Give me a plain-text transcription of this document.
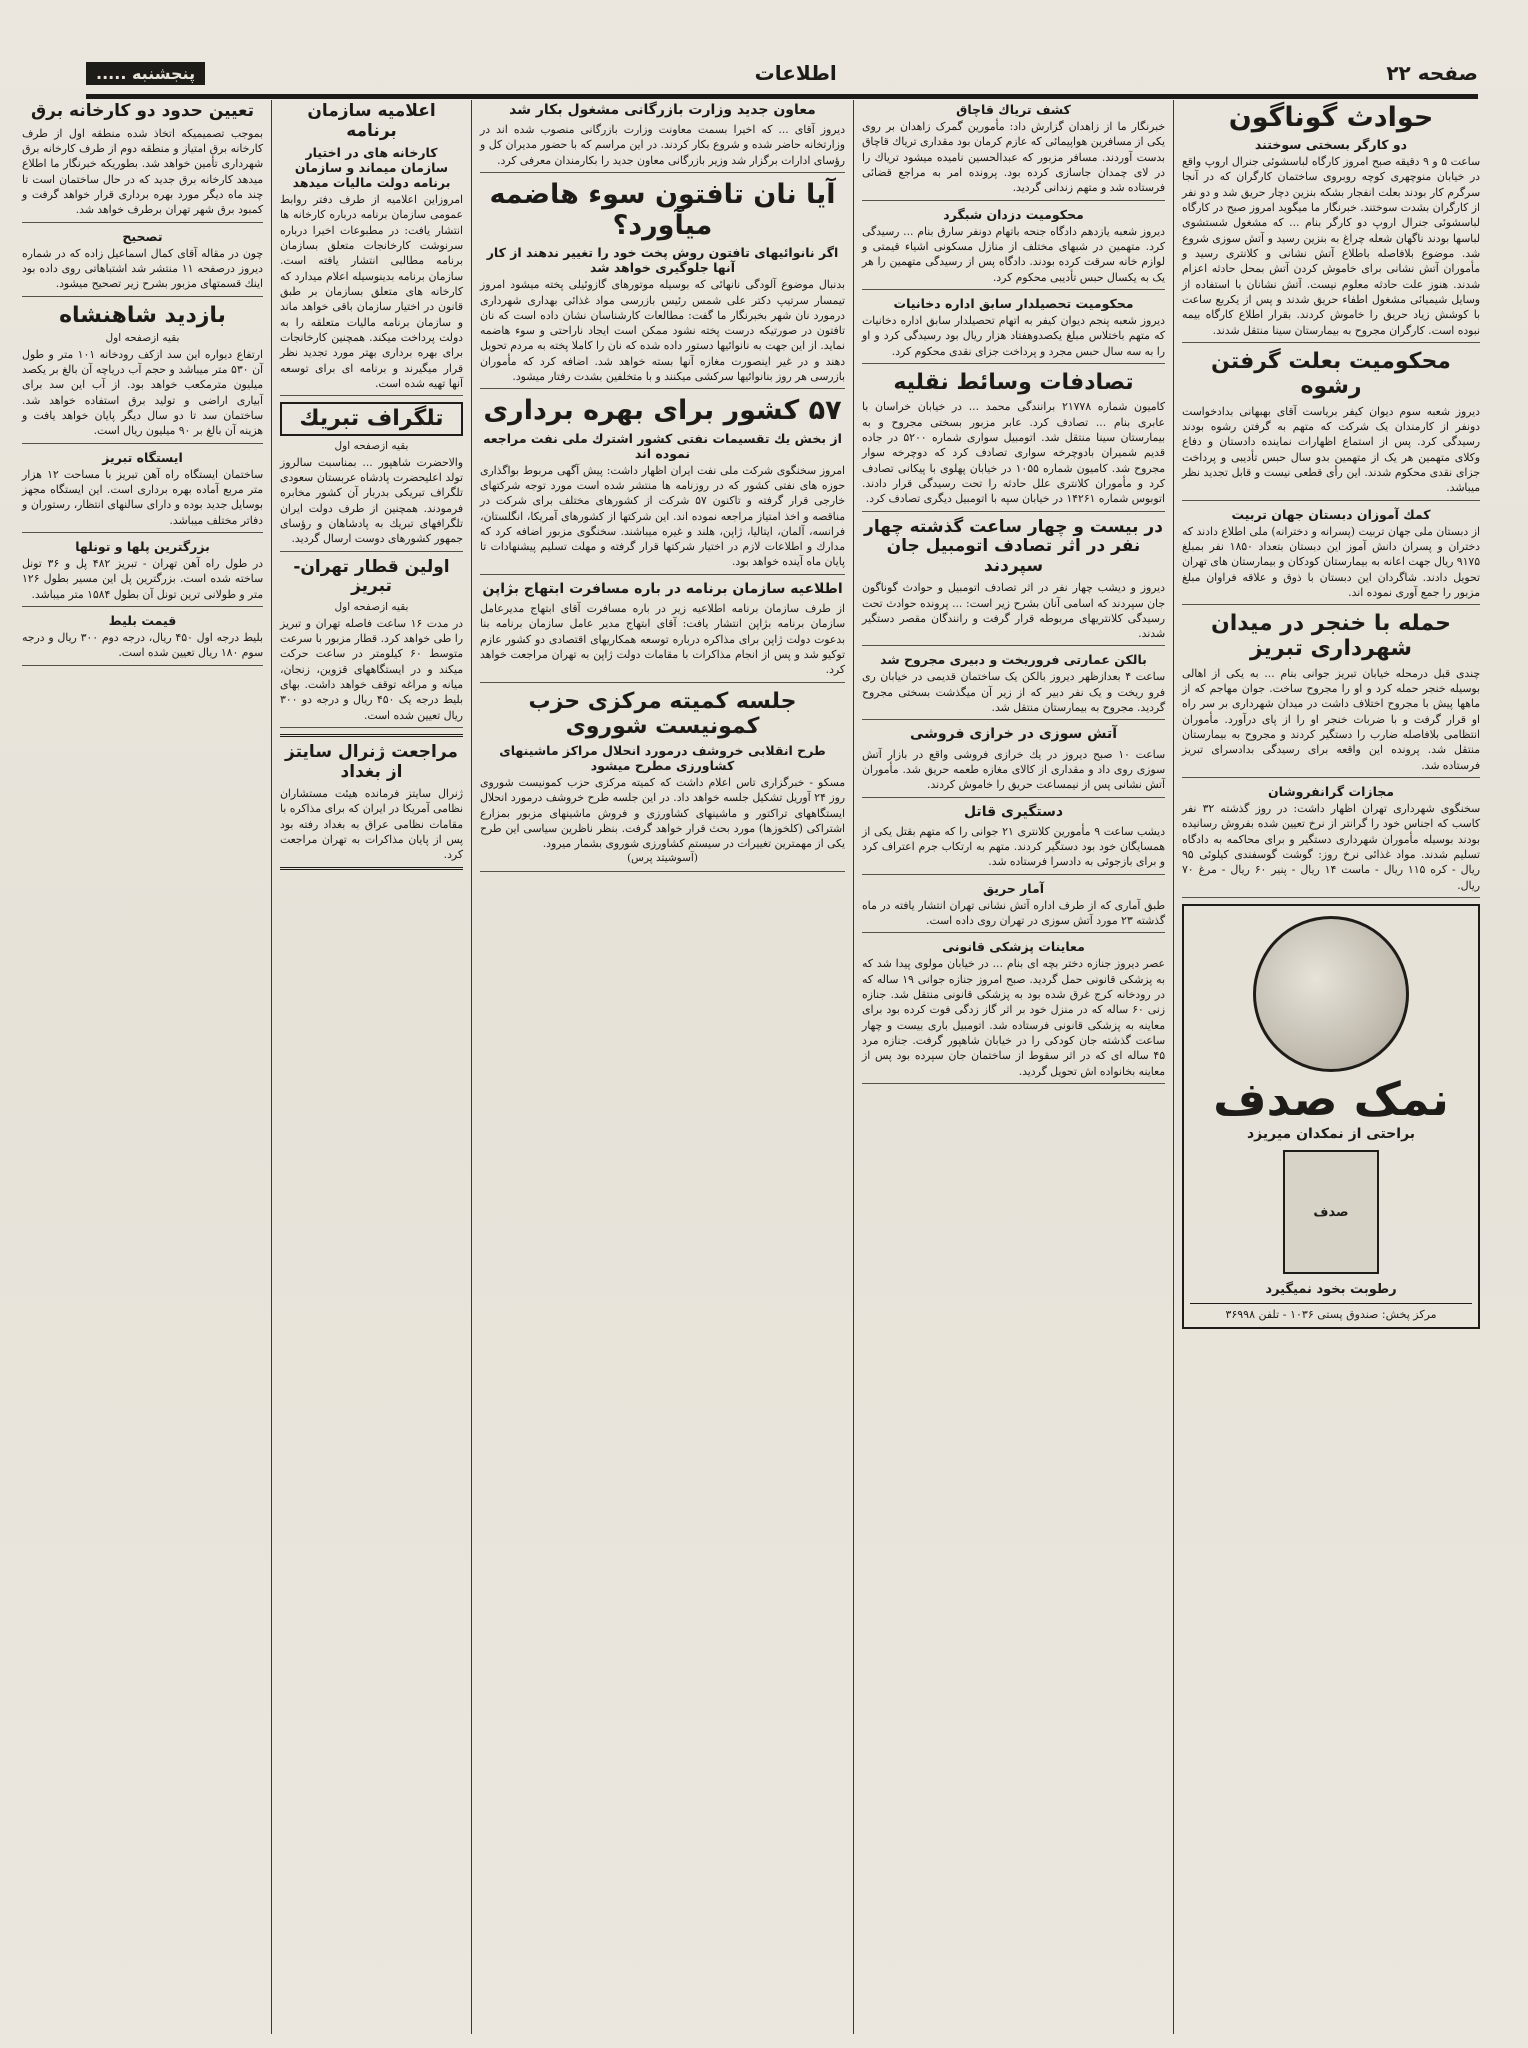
صفحه ۲۲
اطلاعات
پنجشنبه .....
حوادث گوناگون
دو کارگر بسختی سوختند

ساعت ۵ و ۹ دقیقه صبح امروز کارگاه لباسشوئی جنرال اروپ واقع در خیابان منوچهری کوچه روبروی ساختمان کارگران که در آنجا سرگرم کار بودند بعلت انفجار بشکه بنزین دچار حریق شد و دو نفر از کارگران بشدت سوختند. خبرنگار ما میگوید امروز صبح در کارگاه لباسشوئی جنرال اروپ دو کارگر بنام ... که مشغول شستشوی لباسها بودند ناگهان شعله چراغ به بنزین رسید و آتش سوزی شروع شد. موضوع بلافاصله باطلاع آتش نشانی و کلانتری رسید و مأموران آتش نشانی برای خاموش کردن آتش بمحل حادثه اعزام شدند. هنوز علت حادثه معلوم نیست. آتش نشانان با استفاده از وسایل شیمیائی مشغول اطفاء حریق شدند و پس از یکربع ساعت با کوشش زیاد حریق را خاموش کردند. بقرار اطلاع کارگاه بیمه نبوده است. کارگران مجروح به بیمارستان سینا منتقل شدند.

محکومیت بعلت گرفتن رشوه

دیروز شعبه سوم دیوان کیفر بریاست آقای بهبهانی بدادخواست دونفر از کارمندان یک شرکت که متهم به گرفتن رشوه بودند رسیدگی کرد. پس از استماع اظهارات نماینده دادستان و دفاع وکلای متهمین هر یک از متهمین بدو سال حبس تأدیبی و پرداخت جزای نقدی محکوم شدند. این رأی قطعی نیست و قابل تجدید نظر میباشد.

کمك آموزان دبستان جهان تربیت

از دبستان ملی جهان تربیت (پسرانه و دخترانه) ملی اطلاع دادند که دختران و پسران دانش آموز این دبستان بتعداد ۱۸۵۰ نفر بمبلغ ۹۱۷۵ ریال جهت اعانه به بیمارستان کودکان و بیمارستان های تهران تحویل دادند. شاگردان این دبستان با ذوق و علاقه فراوان مبلغ مزبور را جمع آوری نموده اند.

حمله با خنجر در میدان شهرداری تبریز

چندی قبل درمحله خیابان تبریز جوانی بنام ... به یکی از اهالی بوسیله خنجر حمله کرد و او را مجروح ساخت. جوان مهاجم که از ماهها پیش با مجروح اختلاف داشت در میدان شهرداری بر سر راه او قرار گرفت و با ضربات خنجر او را از پای درآورد. مأموران انتظامی بلافاصله ضارب را دستگیر کردند و مجروح به بیمارستان منتقل شد. پرونده این واقعه برای رسیدگی بدادسرای تبریز فرستاده شد.

مجازات گرانفروشان

سخنگوی شهرداری تهران اظهار داشت: در روز گذشته ۳۲ نفر کاسب که اجناس خود را گرانتر از نرخ تعیین شده بفروش رسانیده بودند بوسیله مأموران شهرداری دستگیر و برای محاکمه به دادگاه تسلیم شدند. مواد غذائی نرخ روز: گوشت گوسفندی کیلوئی ۹۵ ریال - کره ۱۱۵ ریال - ماست ۱۴ ریال - پنیر ۶۰ ریال - مرغ ۷۰ ریال.

نمک صدف
براحتی از نمکدان میریزد
صدف
رطوبت بخود نمیگیرد
مرکز پخش: صندوق پستی ۱۰۳۶ - تلفن ۳۶۹۹۸
کشف تریاك قاچاق

خبرنگار ما از زاهدان گزارش داد: مأمورین گمرک زاهدان بر روی یکی از مسافرین هواپیمائی که عازم کرمان بود مقداری تریاك قاچاق بدست آوردند. مسافر مزبور که عبدالحسین نامیده میشود تریاك را در لای چمدان جاسازی کرده بود. پرونده امر به مراجع قضائی فرستاده شد و متهم زندانی گردید.

محکومیت دزدان شبگرد

دیروز شعبه یازدهم دادگاه جنحه باتهام دونفر سارق بنام ... رسیدگی کرد. متهمین در شبهای مختلف از منازل مسکونی اشیاء قیمتی و لوازم خانه سرقت کرده بودند. دادگاه پس از رسیدگی متهمین را هر یک به یکسال حبس تأدیبی محکوم کرد.

محکومیت تحصیلدار سابق اداره دخانیات

دیروز شعبه پنجم دیوان کیفر به اتهام تحصیلدار سابق اداره دخانیات که متهم باختلاس مبلغ یکصدوهفتاد هزار ریال بود رسیدگی کرد و او را به سه سال حبس مجرد و پرداخت جزای نقدی محکوم کرد.

تصادفات وسائط نقلیه

کامیون شماره ۲۱۷۷۸ برانندگی محمد ... در خیابان خراسان با عابری بنام ... تصادف کرد. عابر مزبور بسختی مجروح و به بیمارستان سینا منتقل شد. اتومبیل سواری شماره ۵۲۰۰ در جاده قدیم شمیران بادوچرخه سواری تصادف کرد که دوچرخه سوار مجروح شد. کامیون شماره ۱۰۵۵ در خیابان پهلوی با پیکانی تصادف کرد و مأموران کلانتری علل حادثه را تحت رسیدگی قرار دادند. اتوبوس شماره ۱۴۲۶۱ در خیابان سپه با اتومبیل دیگری تصادف کرد.

در بیست و چهار ساعت گذشته چهار نفر در اثر تصادف اتومبیل جان سپردند

دیروز و دیشب چهار نفر در اثر تصادف اتومبیل و حوادث گوناگون جان سپردند که اسامی آنان بشرح زیر است: ... پرونده حوادث تحت رسیدگی کلانتریهای مربوطه قرار گرفت و رانندگان مقصر دستگیر شدند.

بالکن عمارتی فروریخت و دبیری مجروح شد

ساعت ۴ بعدازظهر دیروز بالکن یک ساختمان قدیمی در خیابان ری فرو ریخت و یک نفر دبیر که از زیر آن میگذشت بسختی مجروح گردید. مجروح به بیمارستان منتقل شد.

آتش سوزی در خرازی فروشی

ساعت ۱۰ صبح دیروز در یك خرازی فروشی واقع در بازار آتش سوزی روی داد و مقداری از کالای مغازه طعمه حریق شد. مأموران آتش نشانی پس از نیمساعت حریق را خاموش کردند.

دستگیری قاتل

دیشب ساعت ۹ مأمورین کلانتری ۲۱ جوانی را که متهم بقتل یکی از همسایگان خود بود دستگیر کردند. متهم به ارتکاب جرم اعتراف کرد و برای بازجوئی به دادسرا فرستاده شد.

آمار حریق

طبق آماری که از طرف اداره آتش نشانی تهران انتشار یافته در ماه گذشته ۲۳ مورد آتش سوزی در تهران روی داده است.

معاینات پزشکی قانونی

عصر دیروز جنازه دختر بچه ای بنام ... در خیابان مولوی پیدا شد که به پزشکی قانونی حمل گردید. صبح امروز جنازه جوانی ۱۹ ساله که در رودخانه کرج غرق شده بود به پزشکی قانونی منتقل شد. جنازه زنی ۶۰ ساله که در منزل خود بر اثر گاز زدگی فوت کرده بود برای معاینه به پزشکی قانونی فرستاده شد. اتومبیل باری بیست و چهار ساعت گذشته جان کودکی را در خیابان شاهپور گرفت. جنازه مرد ۴۵ ساله ای که در اثر سقوط از ساختمان جان سپرده بود پس از معاینه بخانواده اش تحویل گردید.

معاون جدید وزارت بازرگانی مشغول بکار شد

دیروز آقای ... که اخیرا بسمت معاونت وزارت بازرگانی منصوب شده اند در وزارتخانه حاضر شده و شروع بکار کردند. در این مراسم که با حضور مدیران کل و رؤسای ادارات برگزار شد وزیر بازرگانی معاون جدید را بکارمندان معرفی کرد.

آیا نان تافتون سوء هاضمه میآورد؟
اگر نانوائیهای تافتون روش پخت خود را تغییر ندهند از کار آنها جلوگیری خواهد شد

بدنبال موضوع آلودگی نانهائی که بوسیله موتورهای گازوئیلی پخته میشود امروز تیمسار سرتیپ دکتر علی شمس رئیس بازرسی مواد غذائی بهداری شهرداری درمورد نان شهر بخبرنگار ما گفت: مطالعات کارشناسان نشان داده است که نان تافتون در صورتیکه درست پخته نشود ممکن است ایجاد ناراحتی و سوء هاضمه نماید. از این جهت به نانوائیها دستور داده شده که نان را کاملا پخته به مردم تحویل دهند و در غیر اینصورت مغازه آنها بسته خواهد شد. اضافه کرد که مأموران بازرسی هر روز بنانوائیها سرکشی میکنند و با متخلفین بشدت رفتار میشود.

۵۷ کشور برای بهره برداری
از بخش یك تقسیمات نفتی کشور اشترك ملی نفت مراجعه نموده اند

امروز سخنگوی شرکت ملی نفت ایران اظهار داشت: پیش آگهی مربوط بواگذاری حوزه های نفتی کشور که در روزنامه ها منتشر شده است مورد توجه شرکتهای خارجی قرار گرفته و تاکنون ۵۷ شرکت از کشورهای مختلف برای شرکت در مناقصه و اخذ امتیاز مراجعه نموده اند. این شرکتها از کشورهای آمریکا، انگلستان، فرانسه، آلمان، ایتالیا، ژاپن، هلند و غیره میباشند. سخنگوی مزبور اضافه کرد که مدارك و اطلاعات لازم در اختیار شرکتها قرار گرفته و مهلت تسلیم پیشنهادات تا پایان ماه آینده خواهد بود.

اطلاعیه سازمان برنامه در باره مسافرت ابتهاج بژاپن

از طرف سازمان برنامه اطلاعیه زیر در باره مسافرت آقای ابتهاج مدیرعامل سازمان برنامه بژاپن انتشار یافت: آقای ابتهاج مدیر عامل سازمان برنامه بنا بدعوت دولت ژاپن برای مذاکره درباره توسعه همکاریهای اقتصادی دو کشور عازم توکیو شد و پس از انجام مذاکرات با مقامات دولت ژاپن به تهران مراجعت خواهد کرد.

جلسه کمیته مرکزی حزب کمونیست شوروی
طرح انقلابی خروشف درمورد انحلال مراکز ماشینهای کشاورزی مطرح میشود

مسکو - خبرگزاری تاس اعلام داشت که کمیته مرکزی حزب کمونیست شوروی روز ۲۴ آوریل تشکیل جلسه خواهد داد. در این جلسه طرح خروشف درمورد انحلال ایستگاههای تراکتور و ماشینهای کشاورزی و فروش ماشینهای مزبور بمزارع اشتراکی (کلخوزها) مورد بحث قرار خواهد گرفت. بنظر ناظرین سیاسی این طرح یکی از مهمترین تغییرات در سیستم کشاورزی شوروی بشمار میرود.

(آسوشیتد پرس)
اعلامیه سازمان برنامه
کارخانه های در اختیار سازمان میماند و سازمان برنامه دولت مالیات میدهد

امروزاین اعلامیه از طرف دفتر روابط عمومی سازمان برنامه درباره کارخانه ها انتشار یافت: در مطبوعات اخیرا درباره سرنوشت کارخانجات متعلق بسازمان برنامه مطالبی انتشار یافته است. سازمان برنامه بدینوسیله اعلام میدارد که کارخانه های متعلق بسازمان بر طبق قانون در اختیار سازمان باقی خواهد ماند و سازمان برنامه مالیات متعلقه را به دولت پرداخت میکند. همچنین کارخانجات برای بهره برداری بهتر مورد تجدید نظر قرار میگیرند و برنامه ای برای توسعه آنها تهیه شده است.

تلگراف تبریك
بقیه ازصفحه اول

والاحضرت شاهپور ... بمناسبت سالروز تولد اعلیحضرت پادشاه عربستان سعودی تلگراف تبریکی بدربار آن کشور مخابره فرمودند. همچنین از طرف دولت ایران تلگرافهای تبریك به پادشاهان و رؤسای جمهور کشورهای دوست ارسال گردید.

اولین قطار تهران-تبریز
بقیه ازصفحه اول

در مدت ۱۶ ساعت فاصله تهران و تبریز را طی خواهد کرد. قطار مزبور با سرعت متوسط ۶۰ کیلومتر در ساعت حرکت میکند و در ایستگاههای قزوین، زنجان، میانه و مراغه توقف خواهد داشت. بهای بلیط درجه یک ۴۵۰ ریال و درجه دو ۳۰۰ ریال تعیین شده است.

مراجعت ژنرال سایتز از بغداد

ژنرال سایتز فرمانده هیئت مستشاران نظامی آمریکا در ایران که برای مذاکره با مقامات نظامی عراق به بغداد رفته بود پس از پایان مذاکرات به تهران مراجعت کرد.

تعیین حدود دو کارخانه برق

بموجب تصمیمیکه اتخاذ شده منطقه اول از طرف کارخانه برق امتیاز و منطقه دوم از طرف کارخانه برق شهرداری تأمین خواهد شد. بطوریکه خبرنگار ما اطلاع میدهد کارخانه برق جدید که در حال ساختمان است تا چند ماه دیگر مورد بهره برداری قرار خواهد گرفت و کمبود برق شهر تهران برطرف خواهد شد.

تصحیح

چون در مقاله آقای کمال اسماعیل زاده که در شماره دیروز درصفحه ۱۱ منتشر شد اشتباهاتی روی داده بود اینك قسمتهای مزبور بشرح زیر تصحیح میشود.

بازدید شاهنشاه
بقیه ازصفحه اول

ارتفاع دیواره این سد ازکف رودخانه ۱۰۱ متر و طول آن ۵۳۰ متر میباشد و حجم آب دریاچه آن بالغ بر یکصد میلیون مترمکعب خواهد بود. از آب این سد برای آبیاری اراضی و تولید برق استفاده خواهد شد. ساختمان سد تا دو سال دیگر پایان خواهد یافت و هزینه آن بالغ بر ۹۰ میلیون ریال است.

ایستگاه تبریز

ساختمان ایستگاه راه آهن تبریز با مساحت ۱۲ هزار متر مربع آماده بهره برداری است. این ایستگاه مجهز بوسایل جدید بوده و دارای سالنهای انتظار، رستوران و دفاتر مختلف میباشد.

بزرگترین پلها و تونلها

در طول راه آهن تهران - تبریز ۴۸۲ پل و ۳۶ تونل ساخته شده است. بزرگترین پل این مسیر بطول ۱۲۶ متر و طولانی ترین تونل آن بطول ۱۵۸۴ متر میباشد.

قیمت بلیط

بلیط درجه اول ۴۵۰ ریال، درجه دوم ۳۰۰ ریال و درجه سوم ۱۸۰ ریال تعیین شده است.
